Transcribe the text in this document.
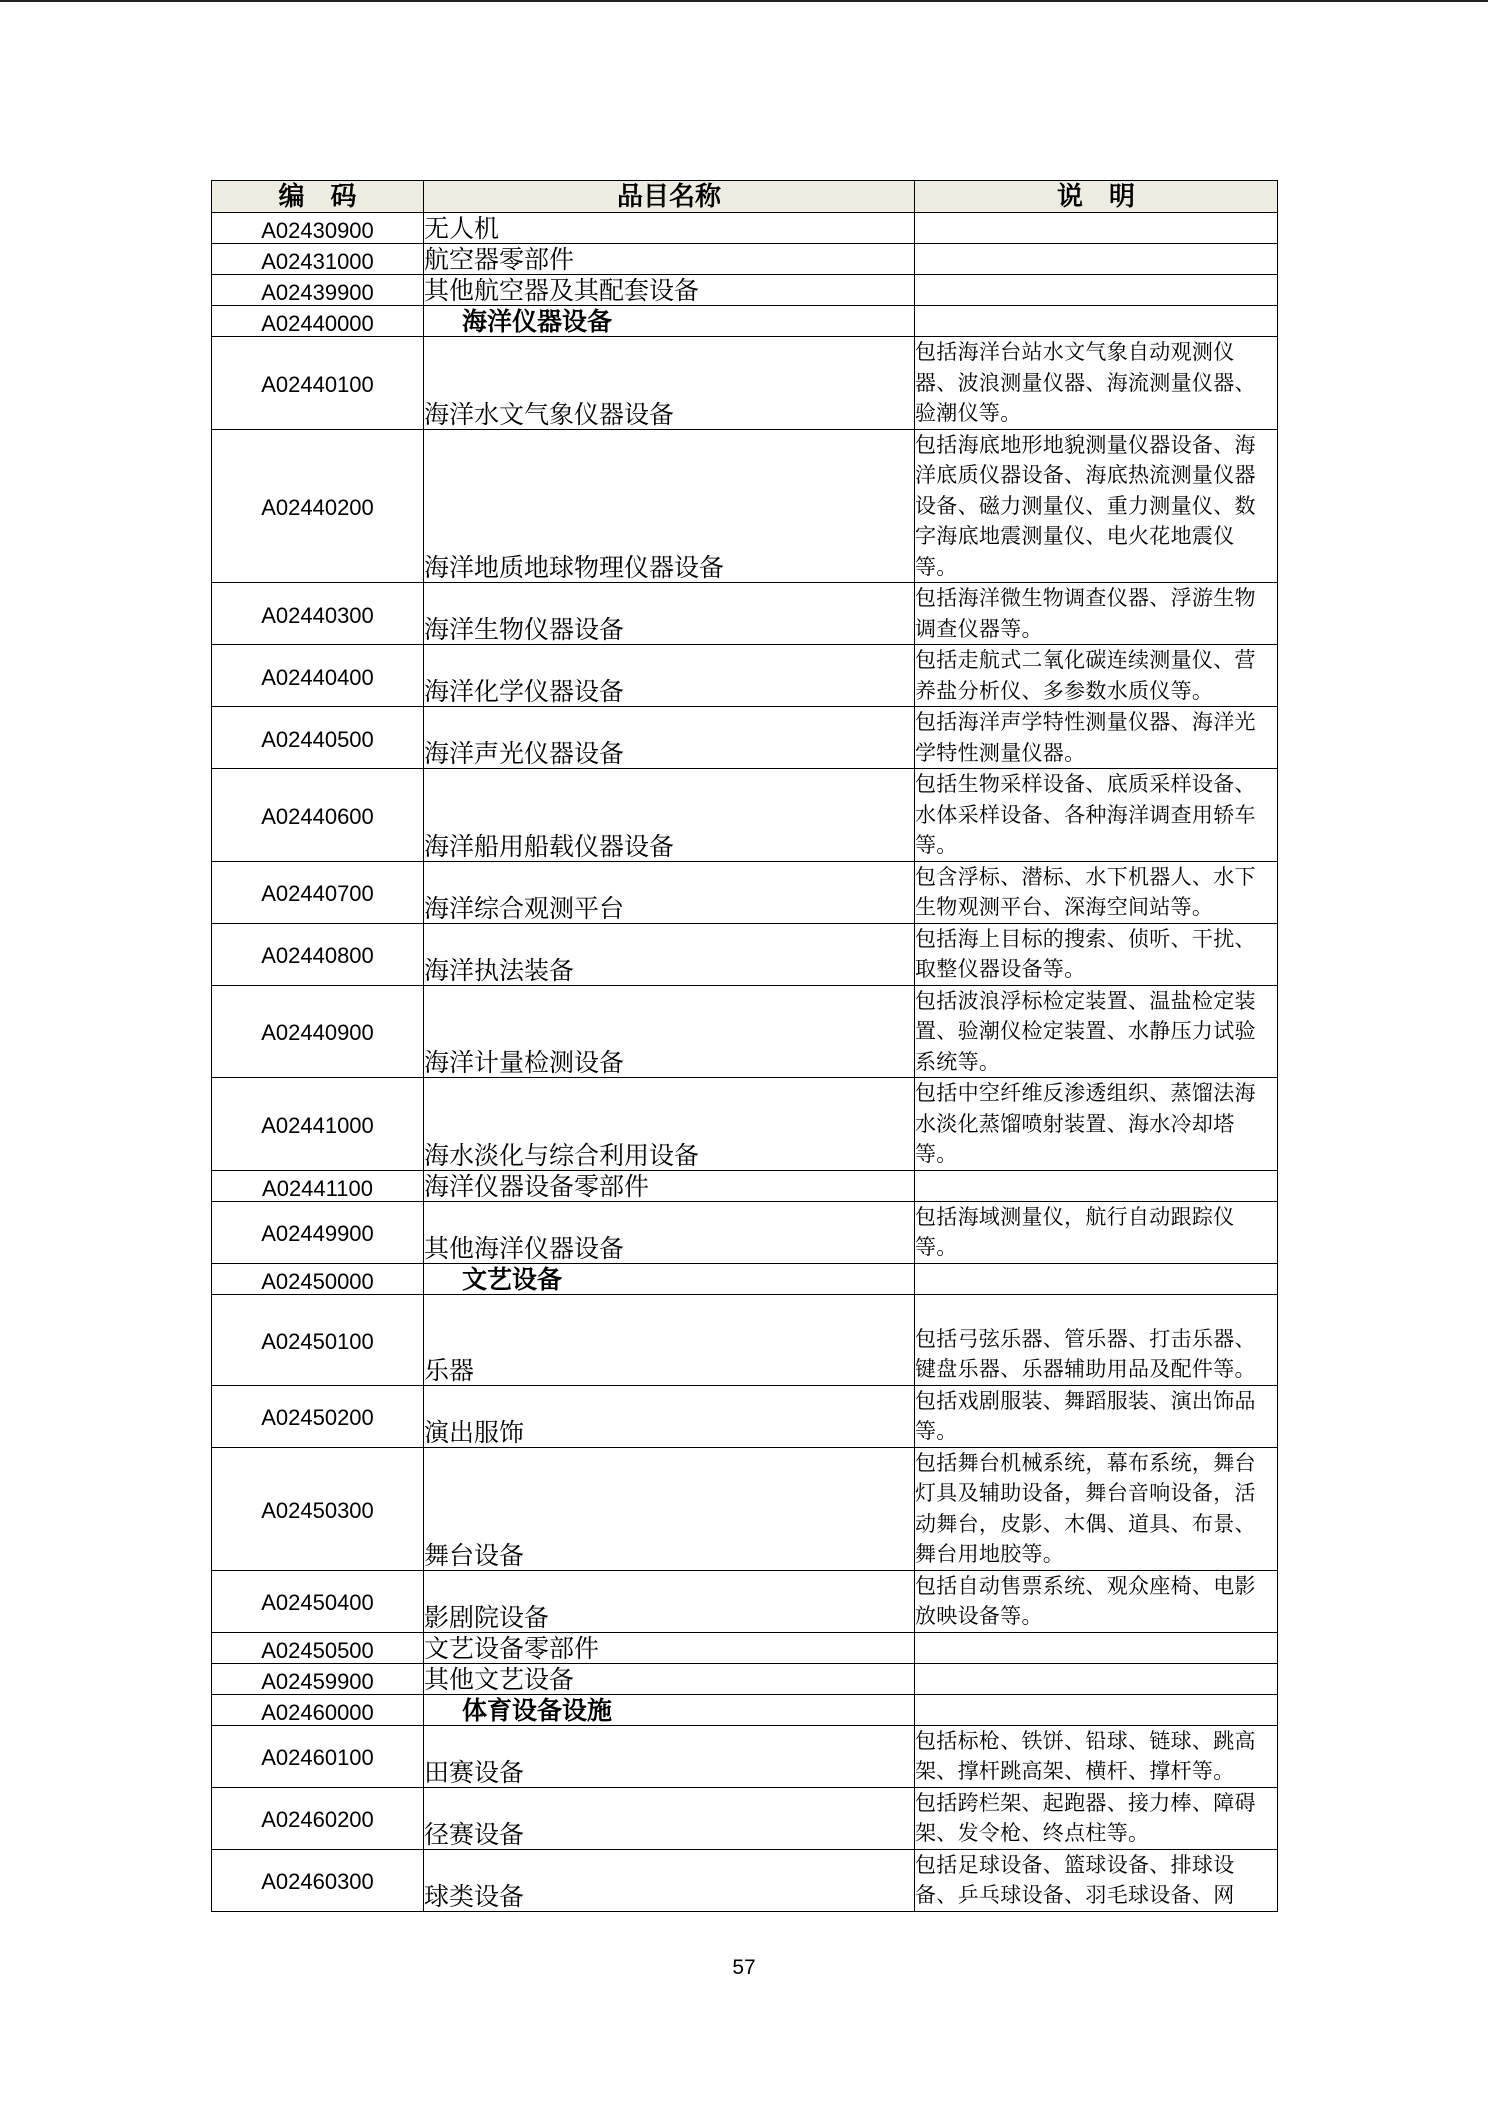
编　码	品目名称	说　明
A02430900	无人机	
A02431000	航空器零部件	
A02439900	其他航空器及其配套设备	
A02440000	海洋仪器设备	
A02440100	海洋水文气象仪器设备	包括海洋台站水文气象自动观测仪器、波浪测量仪器、海流测量仪器、验潮仪等。
A02440200	海洋地质地球物理仪器设备	包括海底地形地貌测量仪器设备、海洋底质仪器设备、海底热流测量仪器设备、磁力测量仪、重力测量仪、数字海底地震测量仪、电火花地震仪等。
A02440300	海洋生物仪器设备	包括海洋微生物调查仪器、浮游生物调查仪器等。
A02440400	海洋化学仪器设备	包括走航式二氧化碳连续测量仪、营养盐分析仪、多参数水质仪等。
A02440500	海洋声光仪器设备	包括海洋声学特性测量仪器、海洋光学特性测量仪器。
A02440600	海洋船用船载仪器设备	包括生物采样设备、底质采样设备、水体采样设备、各种海洋调查用轿车等。
A02440700	海洋综合观测平台	包含浮标、潜标、水下机器人、水下生物观测平台、深海空间站等。
A02440800	海洋执法装备	包括海上目标的搜索、侦听、干扰、取整仪器设备等。
A02440900	海洋计量检测设备	包括波浪浮标检定装置、温盐检定装置、验潮仪检定装置、水静压力试验系统等。
A02441000	海水淡化与综合利用设备	包括中空纤维反渗透组织、蒸馏法海水淡化蒸馏喷射装置、海水冷却塔等。
A02441100	海洋仪器设备零部件	
A02449900	其他海洋仪器设备	包括海域测量仪，航行自动跟踪仪等。
A02450000	文艺设备	
A02450100	乐器	包括弓弦乐器、管乐器、打击乐器、键盘乐器、乐器辅助用品及配件等。
A02450200	演出服饰	包括戏剧服装、舞蹈服装、演出饰品等。
A02450300	舞台设备	包括舞台机械系统，幕布系统，舞台灯具及辅助设备，舞台音响设备，活动舞台，皮影、木偶、道具、布景、舞台用地胶等。
A02450400	影剧院设备	包括自动售票系统、观众座椅、电影放映设备等。
A02450500	文艺设备零部件	
A02459900	其他文艺设备	
A02460000	体育设备设施	
A02460100	田赛设备	包括标枪、铁饼、铅球、链球、跳高架、撑杆跳高架、横杆、撑杆等。
A02460200	径赛设备	包括跨栏架、起跑器、接力棒、障碍架、发令枪、终点柱等。
A02460300	球类设备	包括足球设备、篮球设备、排球设备、乒乓球设备、羽毛球设备、网
57
